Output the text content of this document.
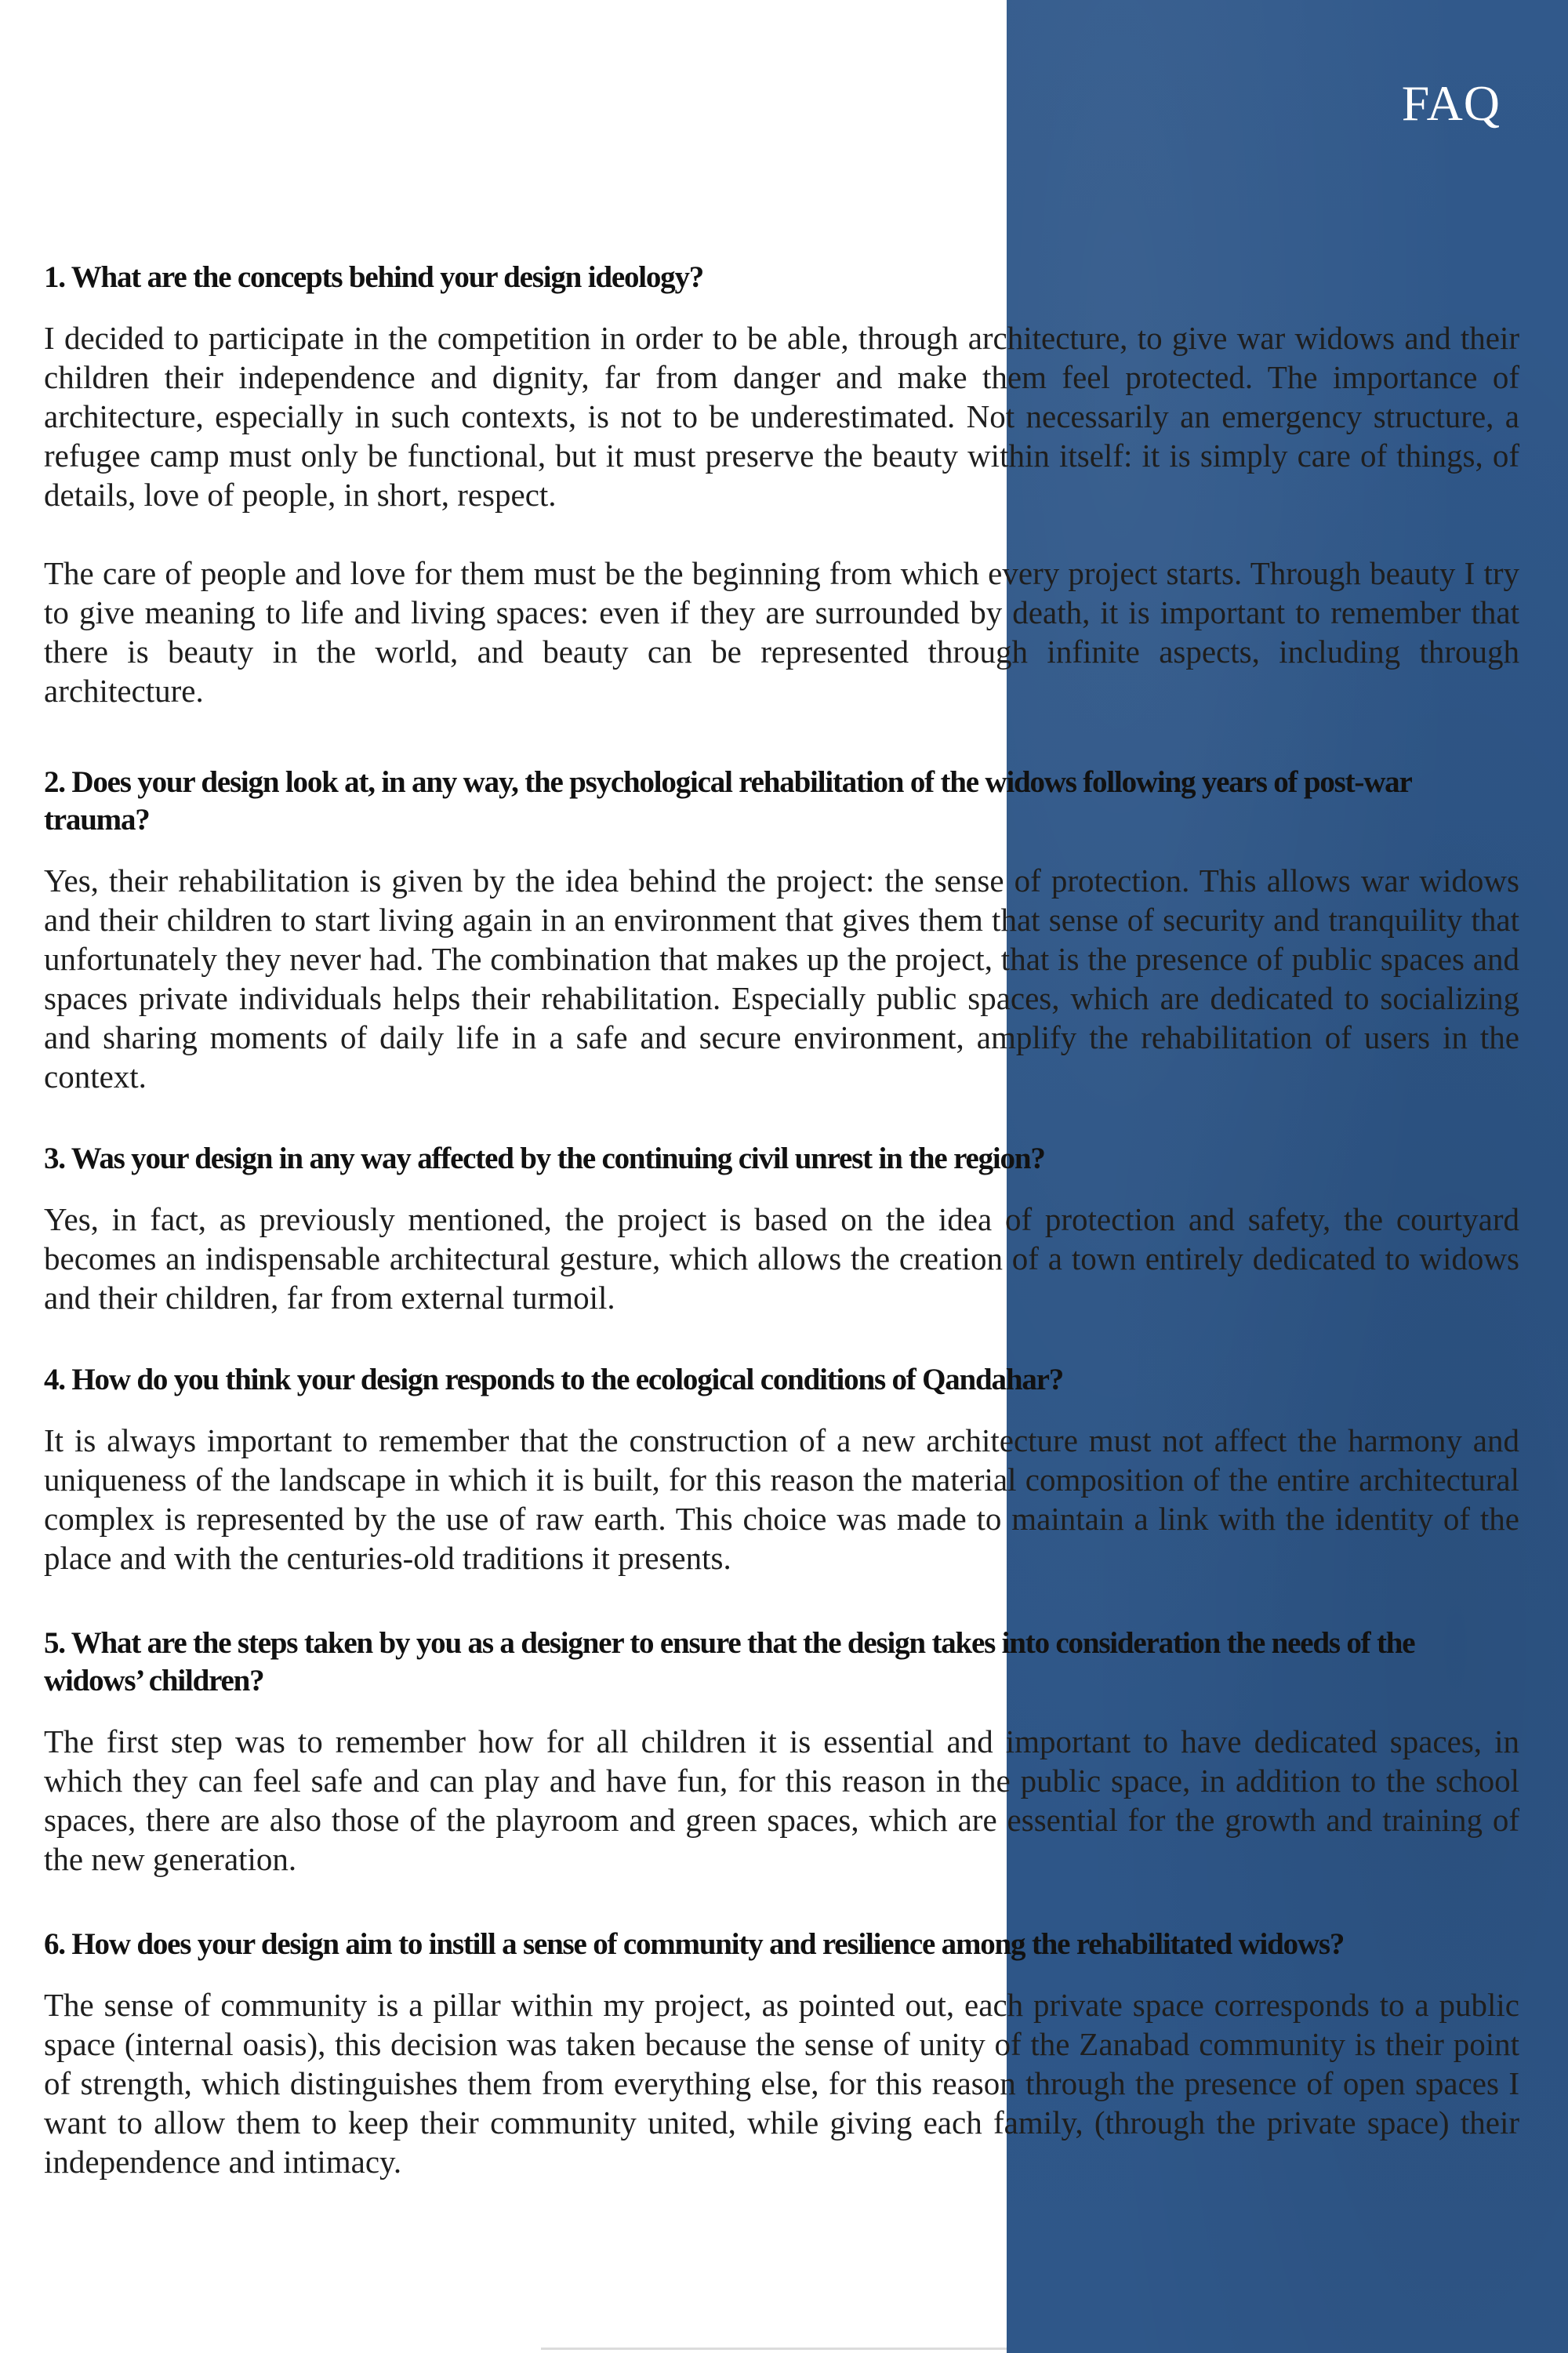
FAQ
1. What are the concepts behind your design ideology?

I decided to participate in the competition in order to be able, through architecture, to give war widows and their children their independence and dignity, far from danger and make them feel protected. The importance of architecture, especially in such contexts, is not to be underestimated. Not necessarily an emergency structure, a refugee camp must only be functional, but it must preserve the beauty within itself: it is simply care of things, of details, love of people, in short, respect.

The care of people and love for them must be the beginning from which every project starts. Through beauty I try to give meaning to life and living spaces: even if they are surrounded by death, it is important to remember that there is beauty in the world, and beauty can be represented through infinite aspects, including through architecture.

2. Does your design look at, in any way, the psychological rehabilitation of the widows following years of post-war trauma?

Yes, their rehabilitation is given by the idea behind the project: the sense of protection. This allows war widows and their children to start living again in an environment that gives them that sense of security and tranquility that unfortunately they never had. The combination that makes up the project, that is the presence of public spaces and spaces private individuals helps their rehabilitation. Especially public spaces, which are dedicated to socializing and sharing moments of daily life in a safe and secure environment, amplify the rehabilitation of users in the context.

3. Was your design in any way affected by the continuing civil unrest in the region?

Yes, in fact, as previously mentioned, the project is based on the idea of protection and safety, the courtyard becomes an indispensable architectural gesture, which allows the creation of a town entirely dedicated to widows and their children, far from external turmoil.

4. How do you think your design responds to the ecological conditions of Qandahar?

It is always important to remember that the construction of a new architecture must not affect the harmony and uniqueness of the landscape in which it is built, for this reason the material composition of the entire architectural complex is represented by the use of raw earth. This choice was made to maintain a link with the identity of the place and with the centuries-old traditions it presents.

5. What are the steps taken by you as a designer to ensure that the design takes into consideration the needs of the widows’ children?

The first step was to remember how for all children it is essential and important to have dedicated spaces, in which they can feel safe and can play and have fun, for this reason in the public space, in addition to the school spaces, there are also those of the playroom and green spaces, which are essential for the growth and training of the new generation.

6. How does your design aim to instill a sense of community and resilience among the rehabilitated widows?

The sense of community is a pillar within my project, as pointed out, each private space corresponds to a public space (internal oasis), this decision was taken because the sense of unity of the Zanabad community is their point of strength, which distinguishes them from everything else, for this reason through the presence of open spaces I want to allow them to keep their community united, while giving each family, (through the private space) their independence and intimacy.
